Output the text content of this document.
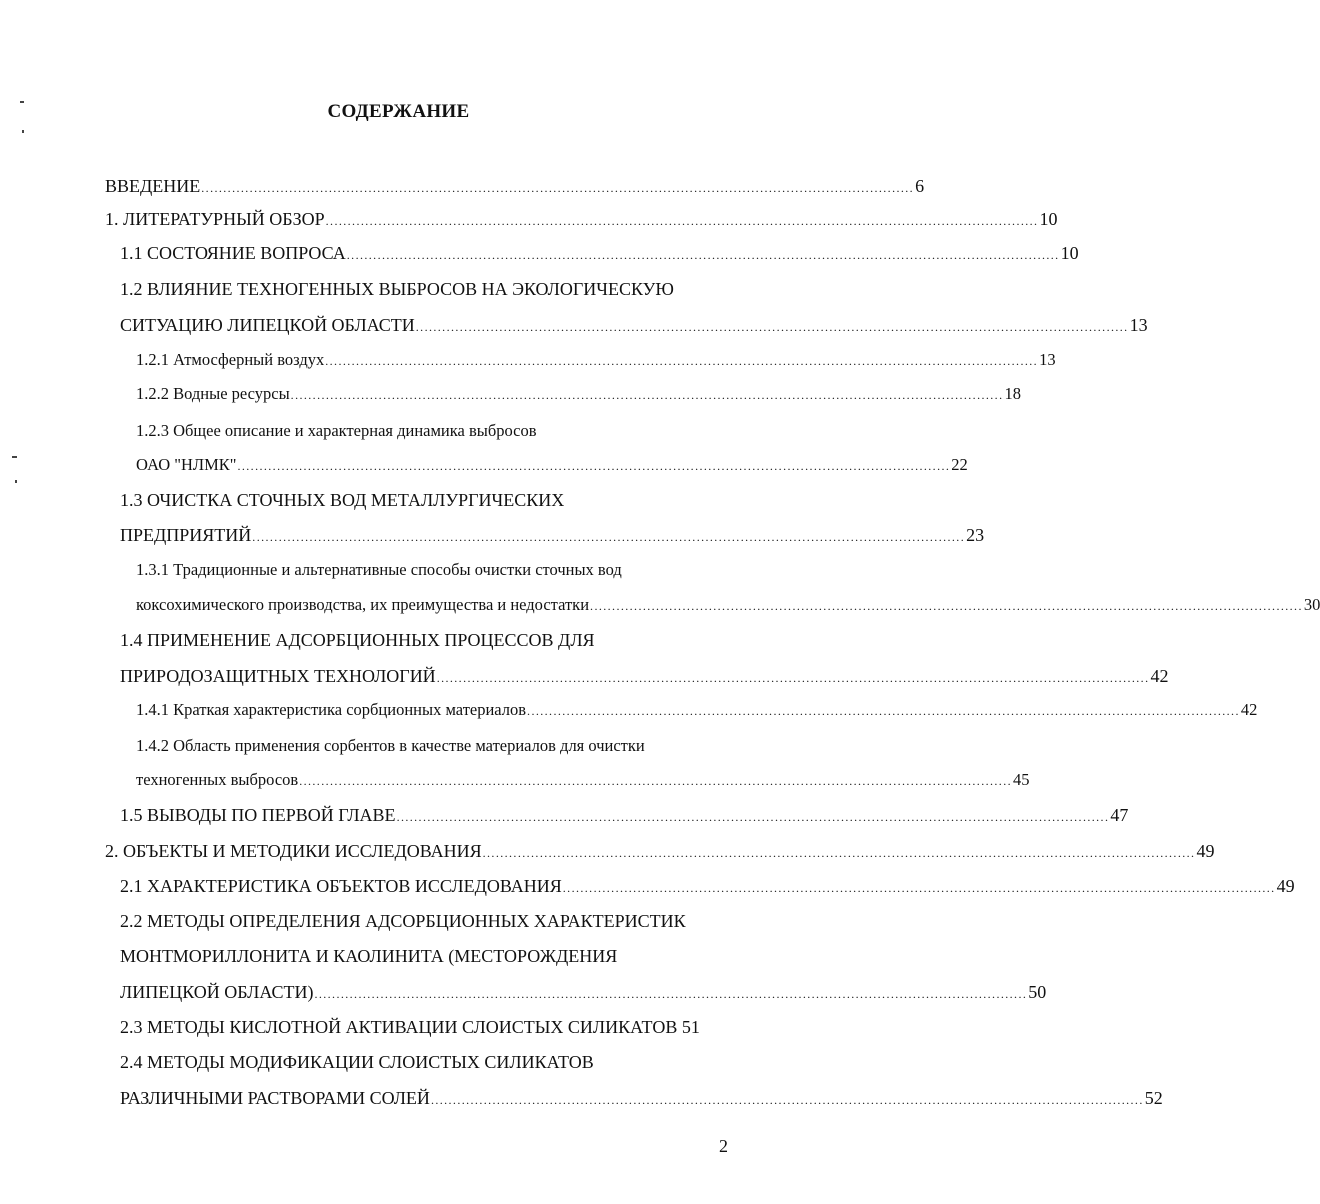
СОДЕРЖАНИЕ
ВВЕДЕНИЕ .................................................................................................................................................................. 6
1. ЛИТЕРАТУРНЫЙ ОБЗОР .................................................................................................................................................................. 10
1.1 СОСТОЯНИЕ ВОПРОСА .................................................................................................................................................................. 10
1.2 ВЛИЯНИЕ ТЕХНОГЕННЫХ ВЫБРОСОВ НА ЭКОЛОГИЧЕСКУЮ
СИТУАЦИЮ ЛИПЕЦКОЙ ОБЛАСТИ .................................................................................................................................................................. 13
1.2.1 Атмосферный воздух .................................................................................................................................................................. 13
1.2.2 Водные ресурсы .................................................................................................................................................................. 18
1.2.3 Общее описание и характерная динамика выбросов
ОАО "НЛМК" .................................................................................................................................................................. 22
1.3 ОЧИСТКА СТОЧНЫХ ВОД МЕТАЛЛУРГИЧЕСКИХ
ПРЕДПРИЯТИЙ .................................................................................................................................................................. 23
1.3.1 Традиционные и альтернативные способы очистки сточных вод
коксохимического производства, их преимущества и недостатки .................................................................................................................................................................. 30
1.4 ПРИМЕНЕНИЕ АДСОРБЦИОННЫХ ПРОЦЕССОВ ДЛЯ
ПРИРОДОЗАЩИТНЫХ ТЕХНОЛОГИЙ .................................................................................................................................................................. 42
1.4.1 Краткая характеристика сорбционных материалов .................................................................................................................................................................. 42
1.4.2 Область применения сорбентов в качестве материалов для очистки
техногенных выбросов .................................................................................................................................................................. 45
1.5 ВЫВОДЫ ПО ПЕРВОЙ ГЛАВЕ .................................................................................................................................................................. 47
2. ОБЪЕКТЫ И МЕТОДИКИ ИССЛЕДОВАНИЯ .................................................................................................................................................................. 49
2.1 ХАРАКТЕРИСТИКА ОБЪЕКТОВ ИССЛЕДОВАНИЯ .................................................................................................................................................................. 49
2.2 МЕТОДЫ ОПРЕДЕЛЕНИЯ АДСОРБЦИОННЫХ ХАРАКТЕРИСТИК
МОНТМОРИЛЛОНИТА И КАОЛИНИТА (МЕСТОРОЖДЕНИЯ
ЛИПЕЦКОЙ ОБЛАСТИ) .................................................................................................................................................................. 50
2.3 МЕТОДЫ КИСЛОТНОЙ АКТИВАЦИИ СЛОИСТЫХ СИЛИКАТОВ 51
2.4 МЕТОДЫ МОДИФИКАЦИИ СЛОИСТЫХ СИЛИКАТОВ
РАЗЛИЧНЫМИ РАСТВОРАМИ СОЛЕЙ .................................................................................................................................................................. 52
2
